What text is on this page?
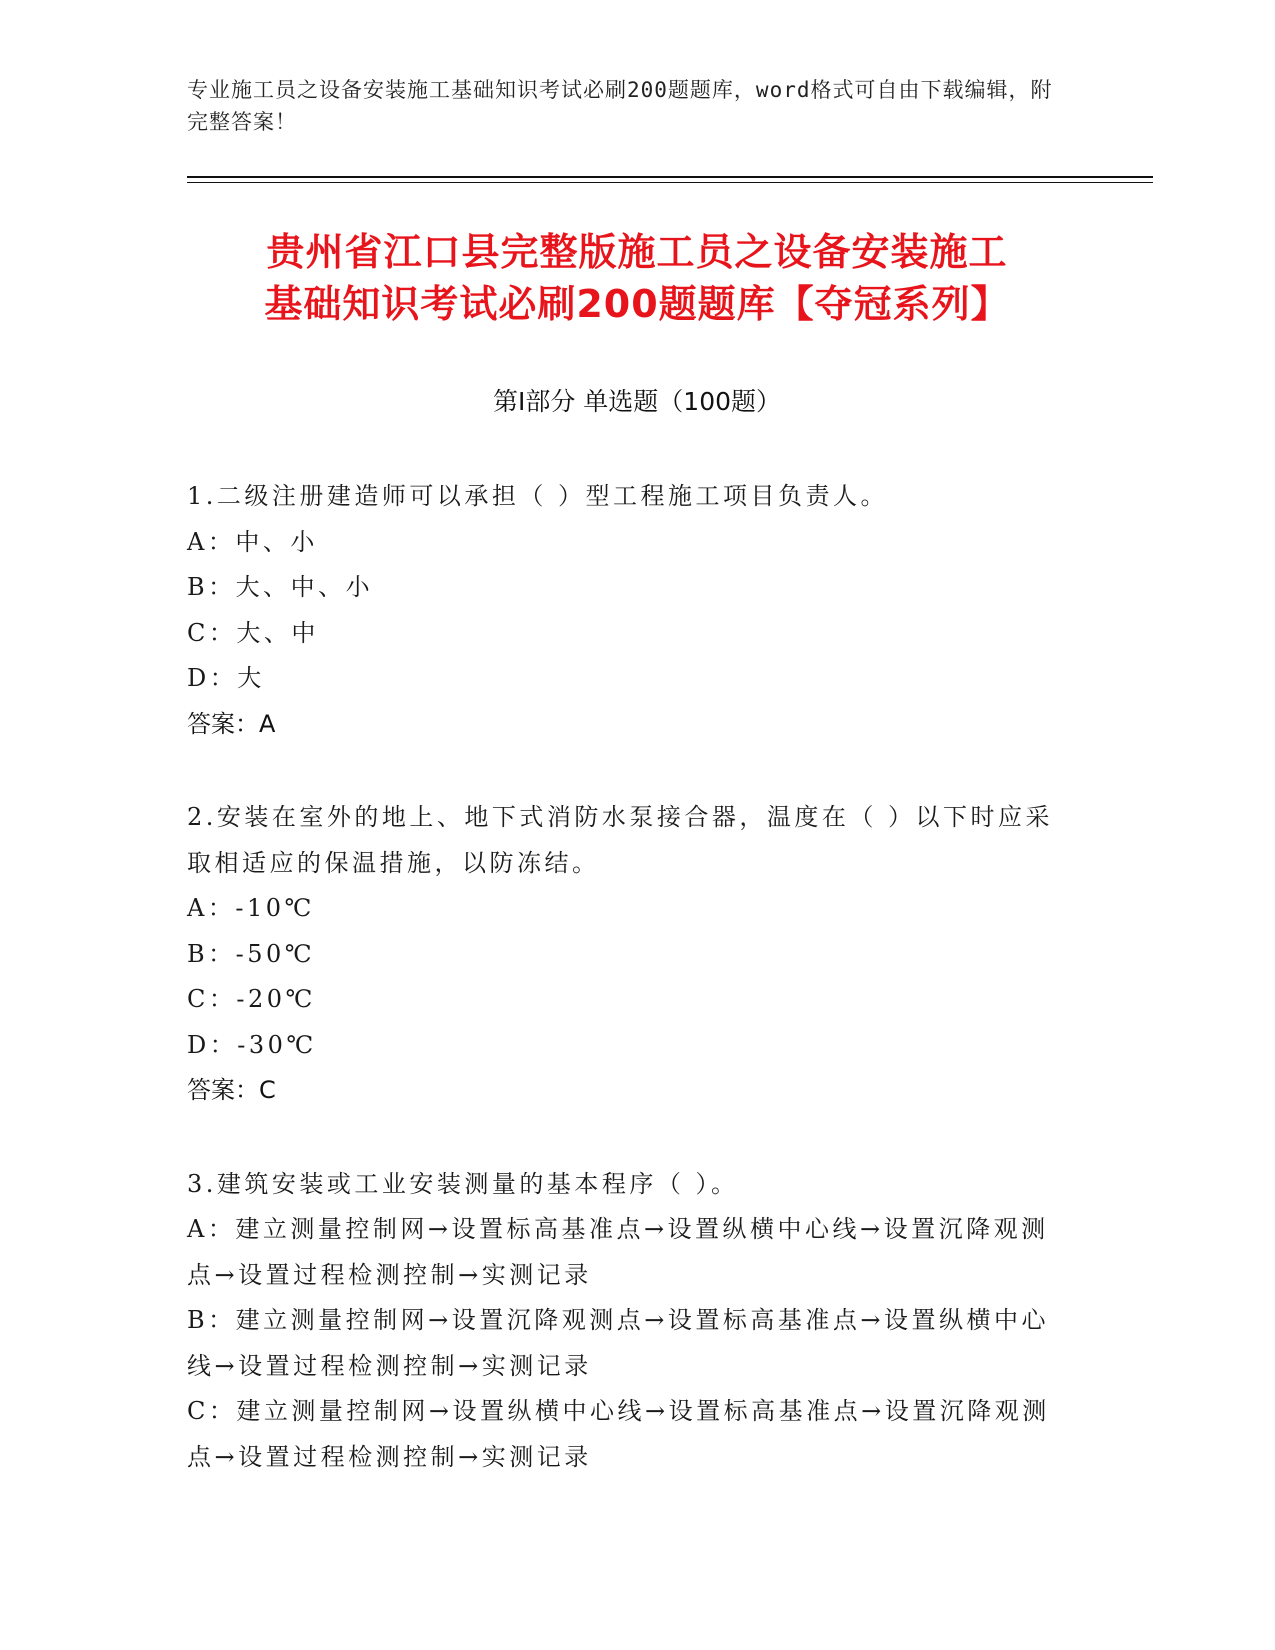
专业施工员之设备安装施工基础知识考试必刷200题题库，word格式可自由下载编辑，附完整答案！
贵州省江口县完整版施工员之设备安装施工
基础知识考试必刷200题题库【夺冠系列】
第Ⅰ部分 单选题（100题）

1.二级注册建造师可以承担（ ）型工程施工项目负责人。

A：中、小

B：大、中、小

C：大、中

D：大

答案：A

2.安装在室外的地上、地下式消防水泵接合器，温度在（ ）以下时应采取相适应的保温措施，以防冻结。

A：-10℃

B：-50℃

C：-20℃

D：-30℃

答案：C

3.建筑安装或工业安装测量的基本程序（ ）。

A：建立测量控制网→设置标高基准点→设置纵横中心线→设置沉降观测点→设置过程检测控制→实测记录

B：建立测量控制网→设置沉降观测点→设置标高基准点→设置纵横中心线→设置过程检测控制→实测记录

C：建立测量控制网→设置纵横中心线→设置标高基准点→设置沉降观测点→设置过程检测控制→实测记录
